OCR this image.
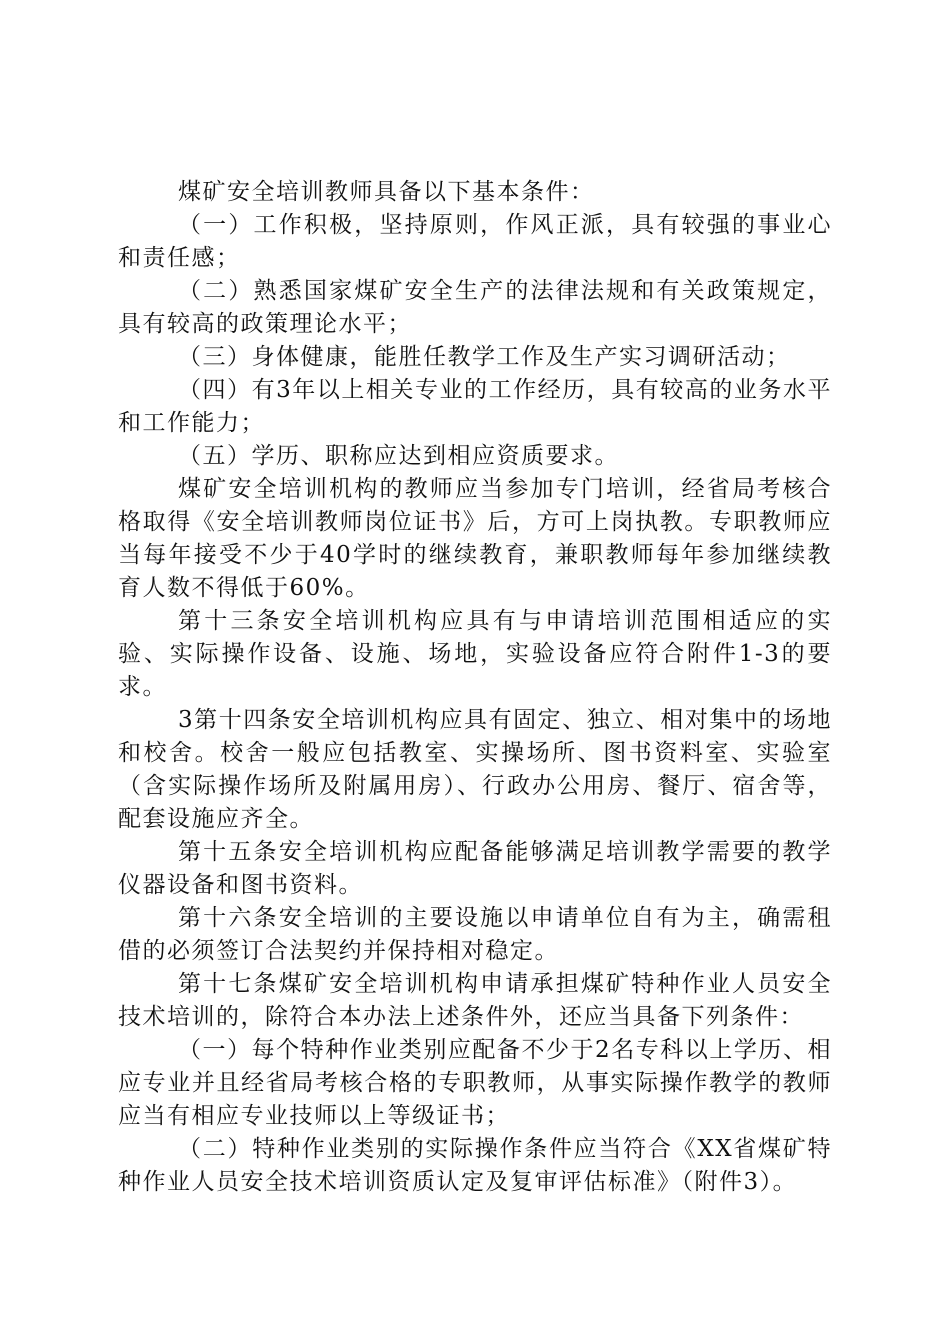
煤矿安全培训教师具备以下基本条件：

（一）工作积极，坚持原则，作风正派，具有较强的事业心和责任感；

（二）熟悉国家煤矿安全生产的法律法规和有关政策规定，具有较高的政策理论水平；

（三）身体健康，能胜任教学工作及生产实习调研活动；

（四）有3年以上相关专业的工作经历，具有较高的业务水平和工作能力；

（五）学历、职称应达到相应资质要求。

煤矿安全培训机构的教师应当参加专门培训，经省局考核合格取得《安全培训教师岗位证书》后，方可上岗执教。专职教师应当每年接受不少于40学时的继续教育，兼职教师每年参加继续教育人数不得低于60%。

第十三条安全培训机构应具有与申请培训范围相适应的实验、实际操作设备、设施、场地，实验设备应符合附件1-3的要求。

3第十四条安全培训机构应具有固定、独立、相对集中的场地和校舍。校舍一般应包括教室、实操场所、图书资料室、实验室（含实际操作场所及附属用房）、行政办公用房、餐厅、宿舍等，配套设施应齐全。

第十五条安全培训机构应配备能够满足培训教学需要的教学仪器设备和图书资料。

第十六条安全培训的主要设施以申请单位自有为主，确需租借的必须签订合法契约并保持相对稳定。

第十七条煤矿安全培训机构申请承担煤矿特种作业人员安全技术培训的，除符合本办法上述条件外，还应当具备下列条件：

（一）每个特种作业类别应配备不少于2名专科以上学历、相应专业并且经省局考核合格的专职教师，从事实际操作教学的教师应当有相应专业技师以上等级证书；

（二）特种作业类别的实际操作条件应当符合《XX省煤矿特种作业人员安全技术培训资质认定及复审评估标准》（附件3）。
